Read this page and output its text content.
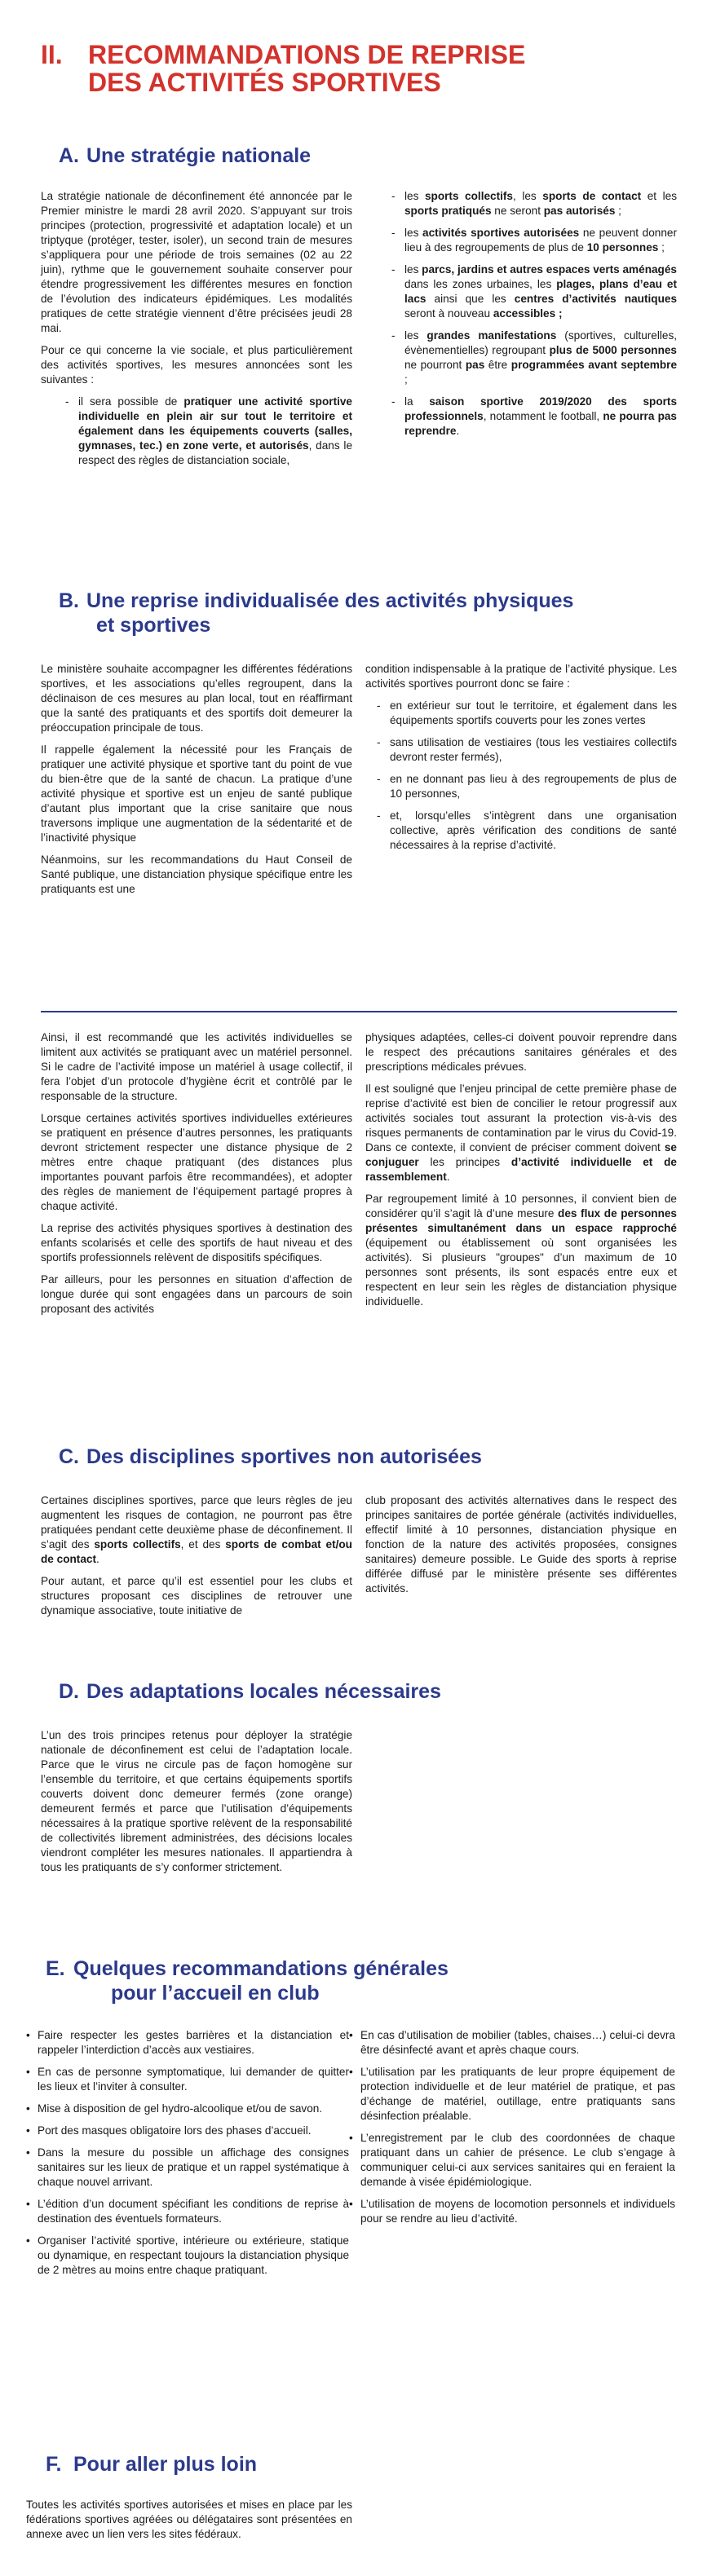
II. RECOMMANDATIONS DE REPRISE
DES ACTIVITÉS SPORTIVES
A. Une stratégie nationale

La stratégie nationale de déconfinement été annoncée par le Premier ministre le mardi 28 avril 2020. S’appuyant sur trois principes (protection, progressivité et adaptation locale) et un triptyque (protéger, tester, isoler), un second train de mesures s’appliquera pour une période de trois semaines (02 au 22 juin), rythme que le gouvernement souhaite conserver pour étendre progressivement les différentes mesures en fonction de l’évolution des indicateurs épidémiques. Les modalités pratiques de cette stratégie viennent d’être précisées jeudi 28 mai.

Pour ce qui concerne la vie sociale, et plus particulièrement des activités sportives, les mesures annoncées sont les suivantes :

- il sera possible de pratiquer une activité sportive individuelle en plein air sur tout le territoire et également dans les équipements couverts (salles, gymnases, tec.) en zone verte, et autorisés, dans le respect des règles de distanciation sociale,
- les sports collectifs, les sports de contact et les sports pratiqués ne seront pas autorisés ;
- les activités sportives autorisées ne peuvent donner lieu à des regroupements de plus de 10 personnes ;
- les parcs, jardins et autres espaces verts aménagés dans les zones urbaines, les plages, plans d’eau et lacs ainsi que les centres d’activités nautiques seront à nouveau accessibles ;
- les grandes manifestations (sportives, culturelles, évènementielles) regroupant plus de 5000 personnes ne pourront pas être programmées avant septembre ;
- la saison sportive 2019/2020 des sports professionnels, notamment le football, ne pourra pas reprendre.
B. Une reprise individualisée des activités physiques
et sportives

Le ministère souhaite accompagner les différentes fédérations sportives, et les associations qu’elles regroupent, dans la déclinaison de ces mesures au plan local, tout en réaffirmant que la santé des pratiquants et des sportifs doit demeurer la préoccupation principale de tous.

Il rappelle également la nécessité pour les Français de pratiquer une activité physique et sportive tant du point de vue du bien-être que de la santé de chacun. La pratique d’une activité physique et sportive est un enjeu de santé publique d’autant plus important que la crise sanitaire que nous traversons implique une augmentation de la sédentarité et de l’inactivité physique

Néanmoins, sur les recommandations du Haut Conseil de Santé publique, une distanciation physique spécifique entre les pratiquants est une

condition indispensable à la pratique de l’activité physique. Les activités sportives pourront donc se faire :

- en extérieur sur tout le territoire, et également dans les équipements sportifs couverts pour les zones vertes
- sans utilisation de vestiaires (tous les vestiaires collectifs devront rester fermés),
- en ne donnant pas lieu à des regroupements de plus de 10 personnes,
- et, lorsqu’elles s’intègrent dans une organisation collective, après vérification des conditions de santé nécessaires à la reprise d’activité.

Ainsi, il est recommandé que les activités individuelles se limitent aux activités se pratiquant avec un matériel personnel. Si le cadre de l’activité impose un matériel à usage collectif, il fera l’objet d’un protocole d’hygiène écrit et contrôlé par le responsable de la structure.

Lorsque certaines activités sportives individuelles extérieures se pratiquent en présence d’autres personnes, les pratiquants devront strictement respecter une distance physique de 2 mètres entre chaque pratiquant (des distances plus importantes pouvant parfois être recommandées), et adopter des règles de maniement de l’équipement partagé propres à chaque activité.

La reprise des activités physiques sportives à destination des enfants scolarisés et celle des sportifs de haut niveau et des sportifs professionnels relèvent de dispositifs spécifiques.

Par ailleurs, pour les personnes en situation d’affection de longue durée qui sont engagées dans un parcours de soin proposant des activités

physiques adaptées, celles-ci doivent pouvoir reprendre dans le respect des précautions sanitaires générales et des prescriptions médicales prévues.

Il est souligné que l’enjeu principal de cette première phase de reprise d’activité est bien de concilier le retour progressif aux activités sociales tout assurant la protection vis-à-vis des risques permanents de contamination par le virus du Covid-19. Dans ce contexte, il convient de préciser comment doivent se conjuguer les principes d’activité individuelle et de rassemblement.

Par regroupement limité à 10 personnes, il convient bien de considérer qu’il s’agit là d’une mesure des flux de personnes présentes simultanément dans un espace rapproché (équipement ou établissement où sont organisées les activités). Si plusieurs "groupes" d’un maximum de 10 personnes sont présents, ils sont espacés entre eux et respectent en leur sein les règles de distanciation physique individuelle.

C. Des disciplines sportives non autorisées

Certaines disciplines sportives, parce que leurs règles de jeu augmentent les risques de contagion, ne pourront pas être pratiquées pendant cette deuxième phase de déconfinement. Il s’agit des sports collectifs, et des sports de combat et/ou de contact.

Pour autant, et parce qu’il est essentiel pour les clubs et structures proposant ces disciplines de retrouver une dynamique associative, toute initiative de

club proposant des activités alternatives dans le respect des principes sanitaires de portée générale (activités individuelles, effectif limité à 10 personnes, distanciation physique en fonction de la nature des activités proposées, consignes sanitaires) demeure possible. Le Guide des sports à reprise différée diffusé par le ministère présente ses différentes activités.

D. Des adaptations locales nécessaires

L’un des trois principes retenus pour déployer la stratégie nationale de déconfinement est celui de l’adaptation locale. Parce que le virus ne circule pas de façon homogène sur l’ensemble du territoire, et que certains équipements sportifs couverts doivent donc demeurer fermés (zone orange) demeurent fermés et parce que l’utilisation d’équipements nécessaires à la pratique sportive relèvent de la responsabilité de collectivités librement administrées, des décisions locales viendront compléter les mesures nationales. Il appartiendra à tous les pratiquants de s’y conformer strictement.

E. Quelques recommandations générales
pour l’accueil en club
• Faire respecter les gestes barrières et la distanciation et rappeler l’interdiction d’accès aux vestiaires.
• En cas de personne symptomatique, lui demander de quitter les lieux et l’inviter à consulter.
• Mise à disposition de gel hydro-alcoolique et/ou de savon.
• Port des masques obligatoire lors des phases d’accueil.
• Dans la mesure du possible un affichage des consignes sanitaires sur les lieux de pratique et un rappel systématique à chaque nouvel arrivant.
• L’édition d’un document spécifiant les conditions de reprise à destination des éventuels formateurs.
• Organiser l’activité sportive, intérieure ou extérieure, statique ou dynamique, en respectant toujours la distanciation physique de 2 mètres au moins entre chaque pratiquant.
• En cas d’utilisation de mobilier (tables, chaises…) celui-ci devra être désinfecté avant et après chaque cours.
• L’utilisation par les pratiquants de leur propre équipement de protection individuelle et de leur matériel de pratique, et pas d’échange de matériel, outillage, entre pratiquants sans désinfection préalable.
• L’enregistrement par le club des coordonnées de chaque pratiquant dans un cahier de présence. Le club s’engage à communiquer celui-ci aux services sanitaires qui en feraient la demande à visée épidémiologique.
• L’utilisation de moyens de locomotion personnels et individuels pour se rendre au lieu d’activité.
F. Pour aller plus loin

Toutes les activités sportives autorisées et mises en place par les fédérations sportives agréées ou délégataires sont présentées en annexe avec un lien vers les sites fédéraux.
